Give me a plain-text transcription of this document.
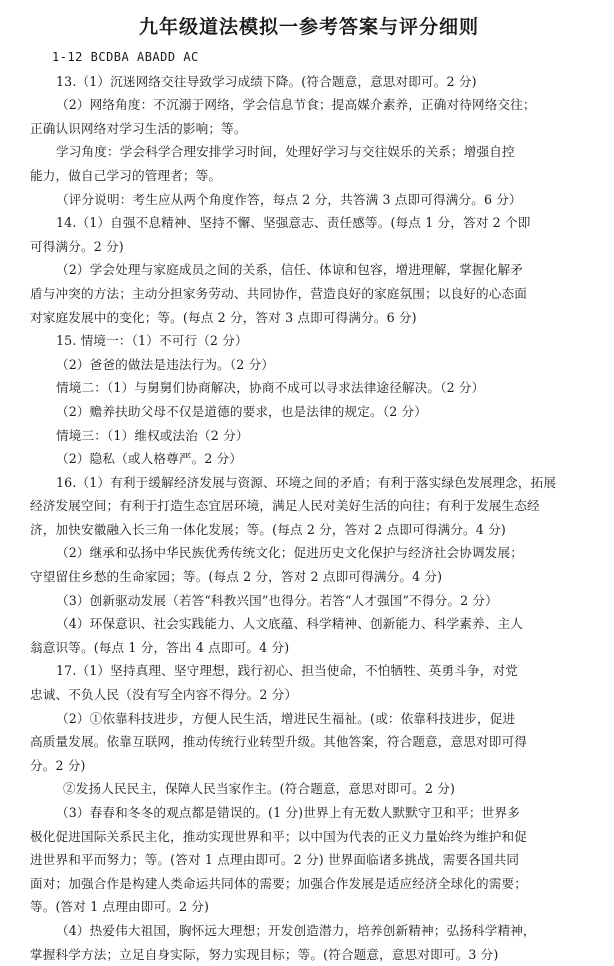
九年级道法模拟一参考答案与评分细则
1-12 BCDBA ABADD AC
13.（1）沉迷网络交往导致学习成绩下降。(符合题意，意思对即可。2 分)
（2）网络角度：不沉溺于网络，学会信息节食；提高媒介素养，正确对待网络交往；
正确认识网络对学习生活的影响；等。
学习角度：学会科学合理安排学习时间，处理好学习与交往娱乐的关系；增强自控
能力，做自己学习的管理者；等。
（评分说明：考生应从两个角度作答，每点 2 分，共答满 3 点即可得满分。6 分）
14.（1）自强不息精神、坚持不懈、坚强意志、责任感等。(每点 1 分，答对 2 个即
可得满分。2 分)
（2）学会处理与家庭成员之间的关系，信任、体谅和包容，增进理解，掌握化解矛
盾与冲突的方法；主动分担家务劳动、共同协作，营造良好的家庭氛围；以良好的心态面
对家庭发展中的变化；等。(每点 2 分，答对 3 点即可得满分。6 分)
15. 情境一：（1）不可行（2 分）
（2）爸爸的做法是违法行为。（2 分）
情境二：（1）与舅舅们协商解决，协商不成可以寻求法律途径解决。（2 分）
（2）赡养扶助父母不仅是道德的要求，也是法律的规定。（2 分）
情境三：（1）维权或法治（2 分）
（2）隐私（或人格尊严。2 分）
16.（1）有利于缓解经济发展与资源、环境之间的矛盾；有利于落实绿色发展理念，拓展
经济发展空间；有利于打造生态宜居环境，满足人民对美好生活的向往；有利于发展生态经
济，加快安徽融入长三角一体化发展；等。(每点 2 分，答对 2 点即可得满分。4 分)
（2）继承和弘扬中华民族优秀传统文化；促进历史文化保护与经济社会协调发展；
守望留住乡愁的生命家园；等。(每点 2 分，答对 2 点即可得满分。4 分)
（3）创新驱动发展（若答“科教兴国”也得分。若答“人才强国”不得分。2 分）
（4）环保意识、社会实践能力、人文底蕴、科学精神、创新能力、科学素养、主人
翁意识等。(每点 1 分，答出 4 点即可。4 分)
17.（1）坚持真理、坚守理想，践行初心、担当使命，不怕牺牲、英勇斗争，对党
忠诚、不负人民（没有写全内容不得分。2 分）
（2）①依靠科技进步，方便人民生活，增进民生福祉。(或：依靠科技进步，促进
高质量发展。依靠互联网，推动传统行业转型升级。其他答案，符合题意，意思对即可得
分。2 分)
②发扬人民民主，保障人民当家作主。(符合题意，意思对即可。2 分)
（3）春春和冬冬的观点都是错误的。(1 分)世界上有无数人默默守卫和平；世界多
极化促进国际关系民主化，推动实现世界和平；以中国为代表的正义力量始终为维护和促
进世界和平而努力；等。(答对 1 点理由即可。2 分) 世界面临诸多挑战，需要各国共同
面对；加强合作是构建人类命运共同体的需要；加强合作发展是适应经济全球化的需要；
等。(答对 1 点理由即可。2 分)
（4）热爱伟大祖国，胸怀远大理想；开发创造潜力，培养创新精神；弘扬科学精神，
掌握科学方法；立足自身实际，努力实现目标；等。(符合题意，意思对即可。3 分)
